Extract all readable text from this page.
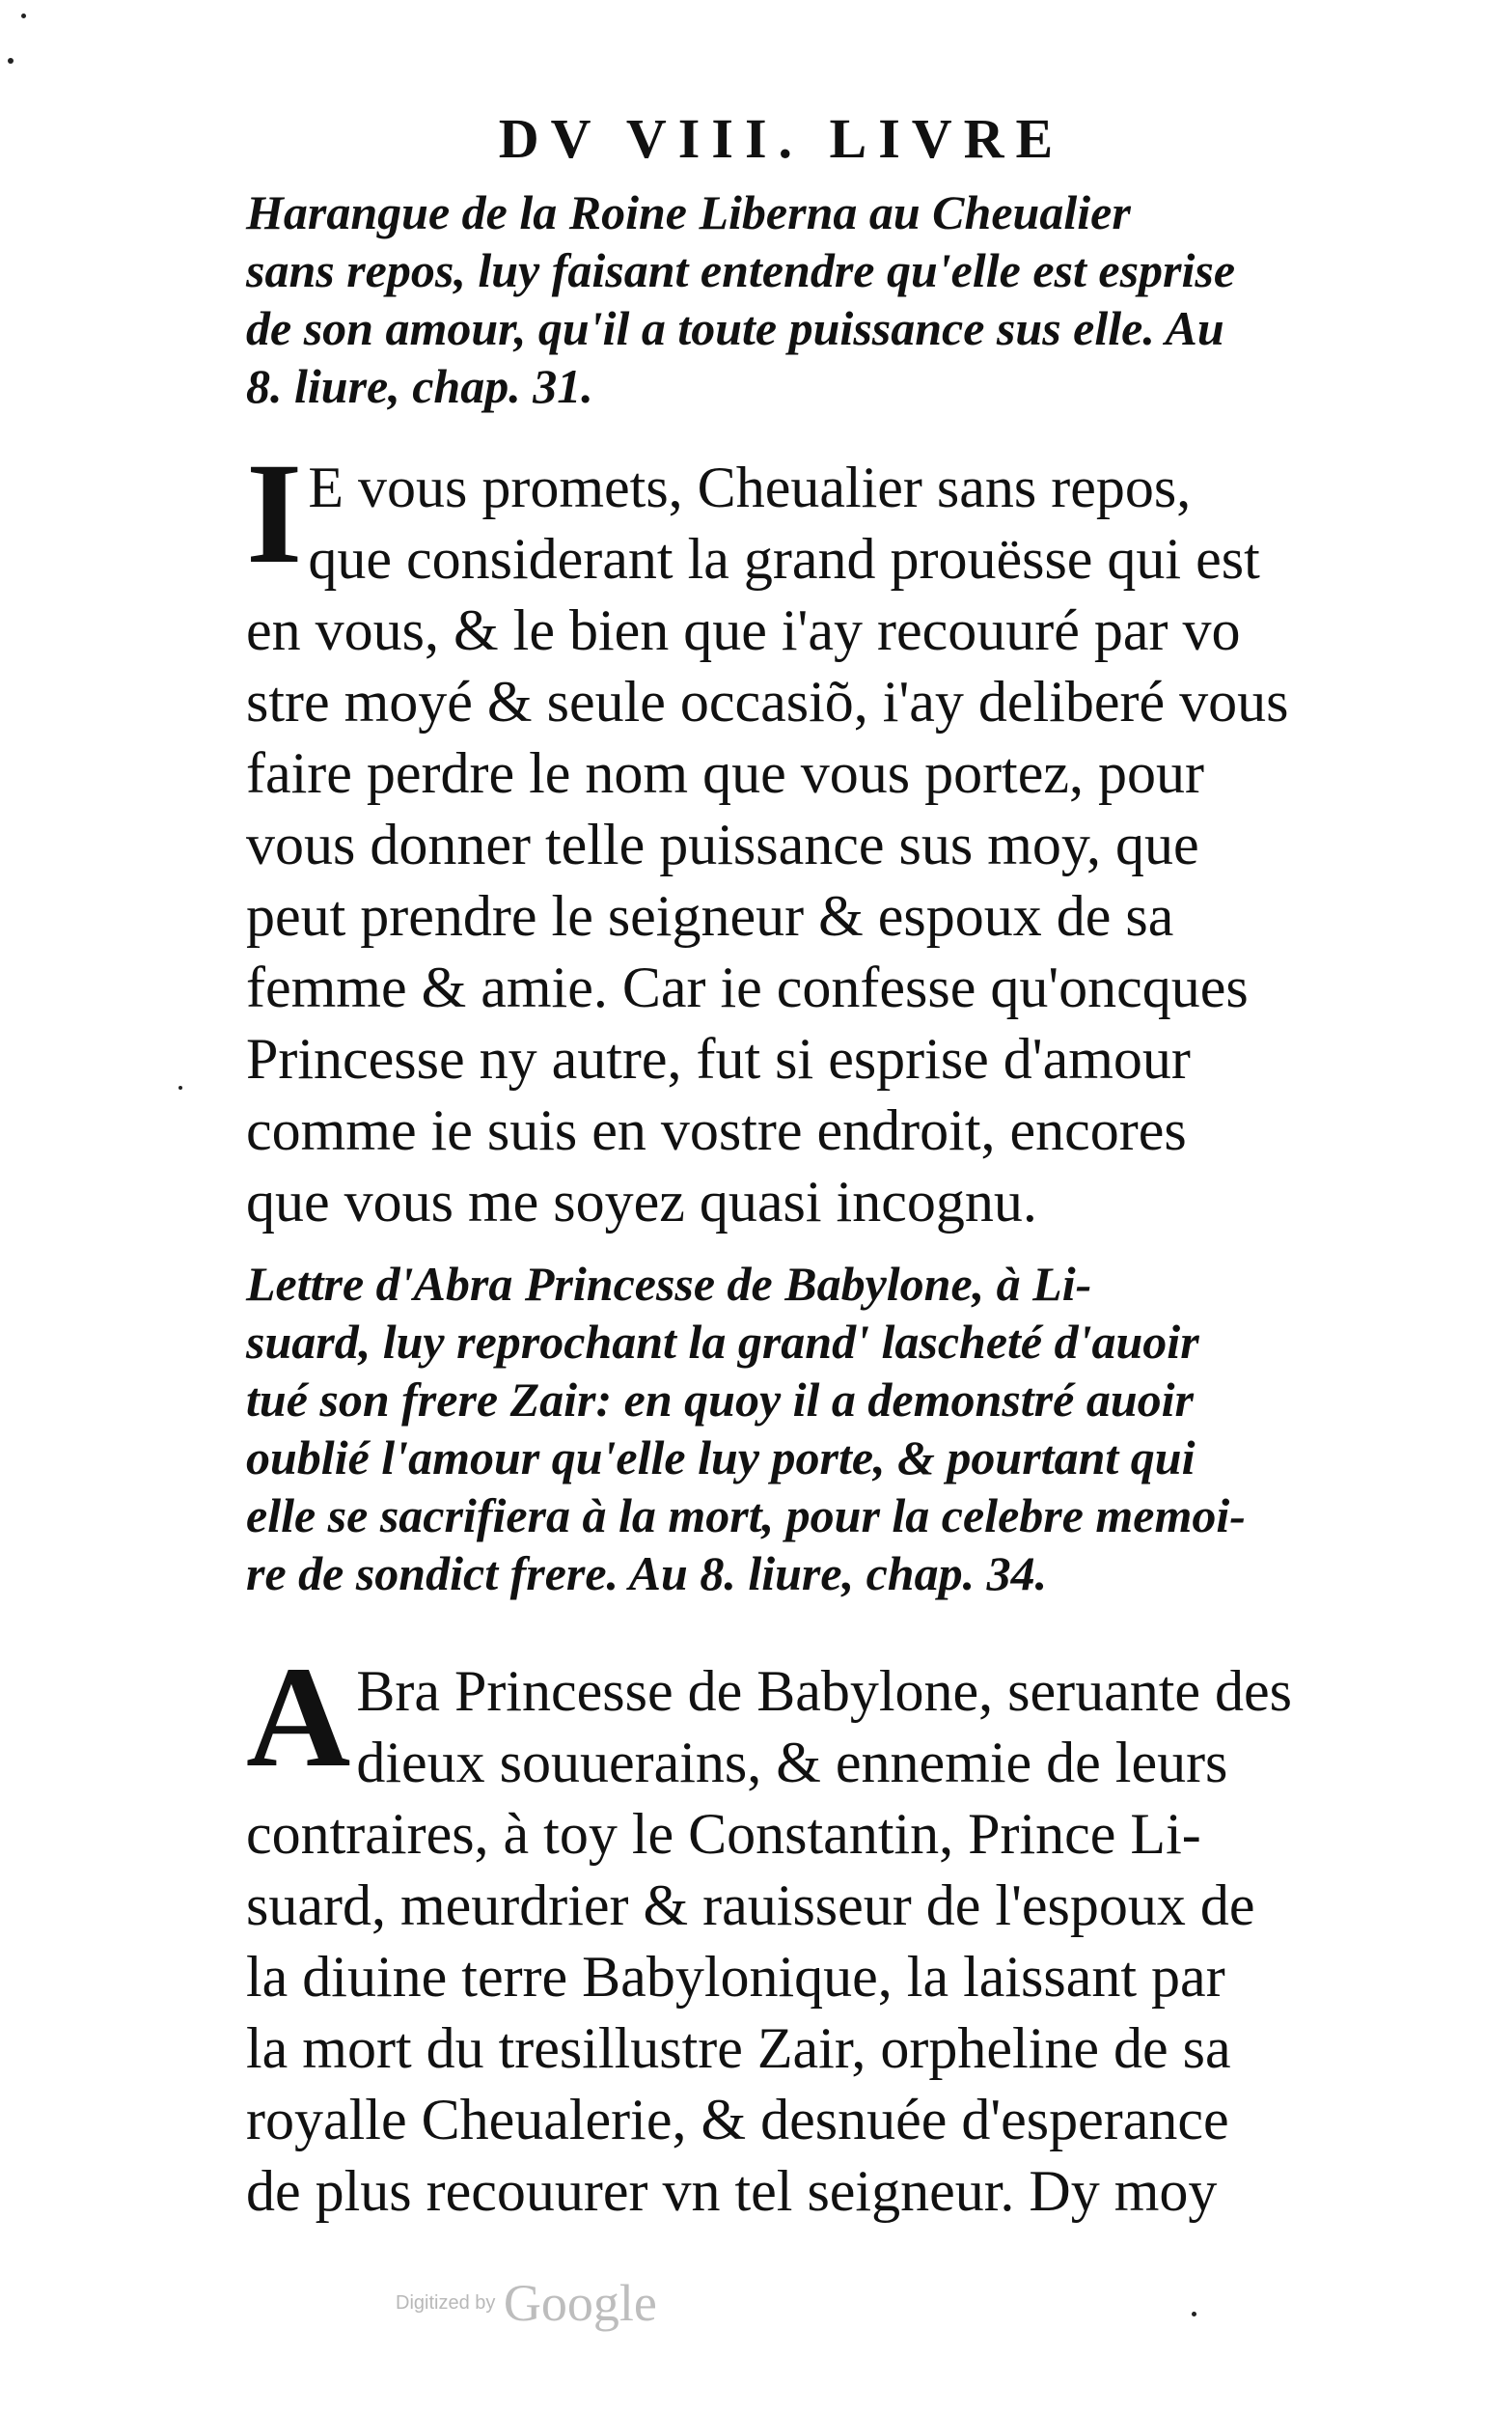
DV VIII. LIVRE
Harangue de la Roine Liberna au Cheualier
sans repos, luy faisant entendre qu'elle est esprise
de son amour, qu'il a toute puissance sus elle. Au
8. liure, chap. 31.
I E vous promets, Cheualier sans repos,
que considerant la grand prouësse qui est
en vous, & le bien que i'ay recouuré par vo
stre moyé & seule occasiõ, i'ay deliberé vous
faire perdre le nom que vous portez, pour
vous donner telle puissance sus moy, que
peut prendre le seigneur & espoux de sa
femme & amie. Car ie confesse qu'oncques
Princesse ny autre, fut si esprise d'amour
comme ie suis en vostre endroit, encores
que vous me soyez quasi incognu.
Lettre d'Abra Princesse de Babylone, à Li-
suard, luy reprochant la grand' lascheté d'auoir
tué son frere Zair: en quoy il a demonstré auoir
oublié l'amour qu'elle luy porte, & pourtant qui
elle se sacrifiera à la mort, pour la celebre memoi-
re de sondict frere. Au 8. liure, chap. 34.
A Bra Princesse de Babylone, seruante des
dieux souuerains, & ennemie de leurs
contraires, à toy le Constantin, Prince Li-
suard, meurdrier & rauisseur de l'espoux de
la diuine terre Babylonique, la laissant par
la mort du tresillustre Zair, orpheline de sa
royalle Cheualerie, & desnuée d'esperance
de plus recouurer vn tel seigneur. Dy moy
Digitized by Google
